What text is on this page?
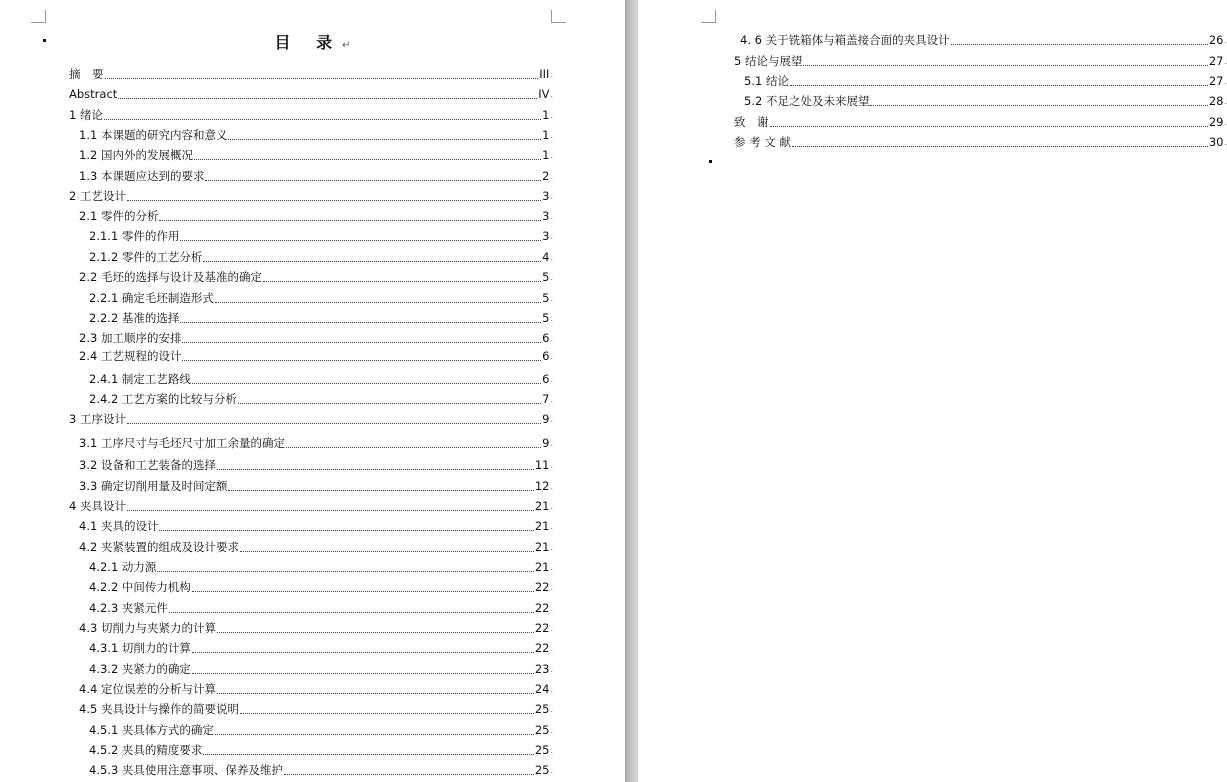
目 录↵
摘　要	III .
Abstract	IV .
1 绪论	1 .
1.1 本课题的研究内容和意义	1 .
1.2 国内外的发展概况	1 .
1.3 本课题应达到的要求	2 .
2 工艺设计	3 .
2.1 零件的分析	3 .
2.1.1 零件的作用	3 .
2.1.2 零件的工艺分析	4 .
2.2 毛坯的选择与设计及基准的确定	5 .
2.2.1 确定毛坯制造形式	5 .
2.2.2 基准的选择	5 .
2.3 加工顺序的安排	6 .
2.4 工艺规程的设计	6 .
2.4.1 制定工艺路线	6 .
2.4.2 工艺方案的比较与分析	7 .
3 工序设计	9 .
3.1 工序尺寸与毛坯尺寸加工余量的确定	9 .
3.2 设备和工艺装备的选择	11 .
3.3 确定切削用量及时间定额	12 .
4 夹具设计	21 .
4.1 夹具的设计	21 .
4.2 夹紧装置的组成及设计要求	21 .
4.2.1 动力源	21 .
4.2.2 中间传力机构	22 .
4.2.3 夹紧元件	22 .
4.3 切削力与夹紧力的计算	22 .
4.3.1 切削力的计算	22 .
4.3.2 夹紧力的确定	23 .
4.4 定位误差的分析与计算	24 .
4.5 夹具设计与操作的简要说明	25 .
4.5.1 夹具体方式的确定	25 .
4.5.2 夹具的精度要求	25 .
4.5.3 夹具使用注意事项、保养及维护	25 .
4. 6 关于铣箱体与箱盖接合面的夹具设计	26 .
5 结论与展望	27 .
5.1 结论	27 .
5.2 不足之处及未来展望	28 .
致　谢	29 .
参 考 文 献	30 .
